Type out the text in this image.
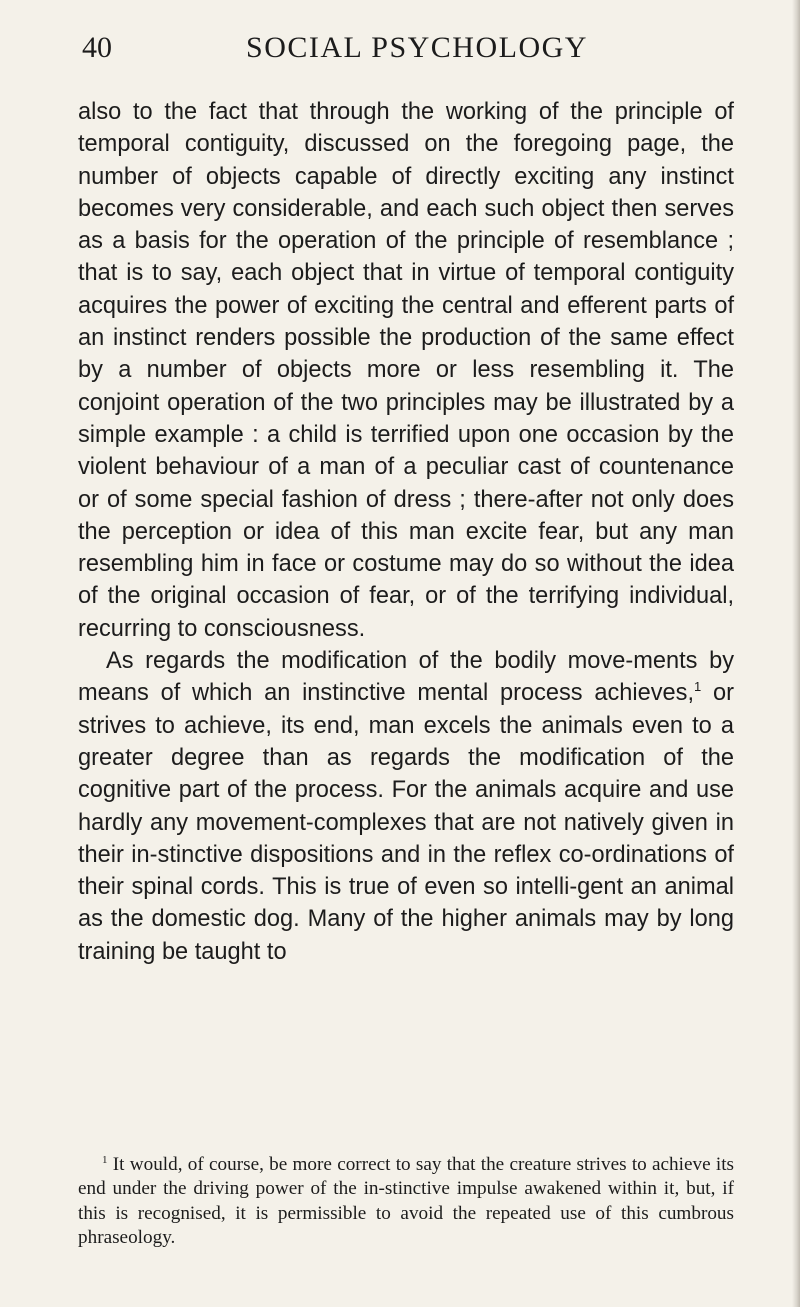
40	SOCIAL PSYCHOLOGY

also to the fact that through the working of the principle of temporal contiguity, discussed on the foregoing page, the number of objects capable of directly exciting any instinct becomes very considerable, and each such object then serves as a basis for the operation of the principle of resemblance ; that is to say, each object that in virtue of temporal contiguity acquires the power of exciting the central and efferent parts of an instinct renders possible the production of the same effect by a number of objects more or less resembling it. The conjoint operation of the two principles may be illustrated by a simple example : a child is terrified upon one occasion by the violent behaviour of a man of a peculiar cast of countenance or of some special fashion of dress ; there-after not only does the perception or idea of this man excite fear, but any man resembling him in face or costume may do so without the idea of the original occasion of fear, or of the terrifying individual, recurring to consciousness.

As regards the modification of the bodily move-ments by means of which an instinctive mental process achieves,$^1$ or strives to achieve, its end, man excels the animals even to a greater degree than as regards the modification of the cognitive part of the process. For the animals acquire and use hardly any movement-complexes that are not natively given in their in-stinctive dispositions and in the reflex co-ordinations of their spinal cords. This is true of even so intelli-gent an animal as the domestic dog. Many of the higher animals may by long training be taught to

$^1$ It would, of course, be more correct to say that the creature strives to achieve its end under the driving power of the in-stinctive impulse awakened within it, but, if this is recognised, it is permissible to avoid the repeated use of this cumbrous phraseology.
